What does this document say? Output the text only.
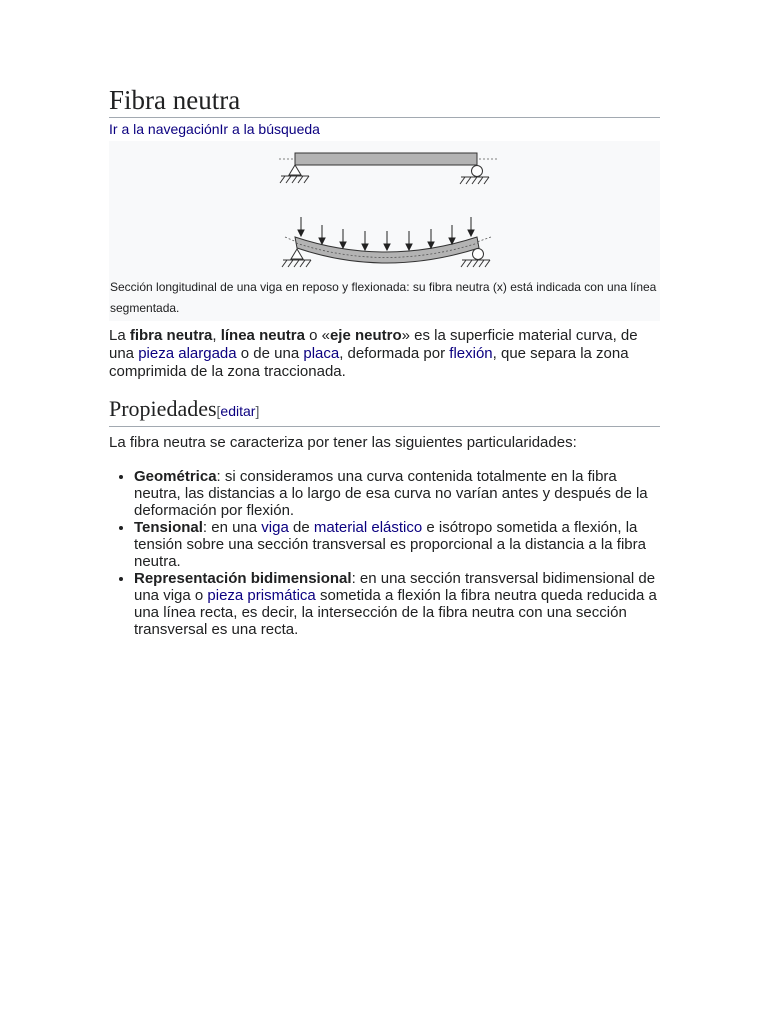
Fibra neutra
Ir a la navegaciónIr a la búsqueda
Sección longitudinal de una viga en reposo y flexionada: su fibra neutra (x) está indicada con una línea segmentada.

La fibra neutra, línea neutra o «eje neutro» es la superficie material curva, de una pieza alargada o de una placa, deformada por flexión, que separa la zona comprimida de la zona traccionada.

Propiedades[editar]

La fibra neutra se caracteriza por tener las siguientes particularidades:

• Geométrica: si consideramos una curva contenida totalmente en la fibra neutra, las distancias a lo largo de esa curva no varían antes y después de la deformación por flexión.
• Tensional: en una viga de material elástico e isótropo sometida a flexión, la tensión sobre una sección transversal es proporcional a la distancia a la fibra neutra.
• Representación bidimensional: en una sección transversal bidimensional de una viga o pieza prismática sometida a flexión la fibra neutra queda reducida a una línea recta, es decir, la intersección de la fibra neutra con una sección transversal es una recta.
